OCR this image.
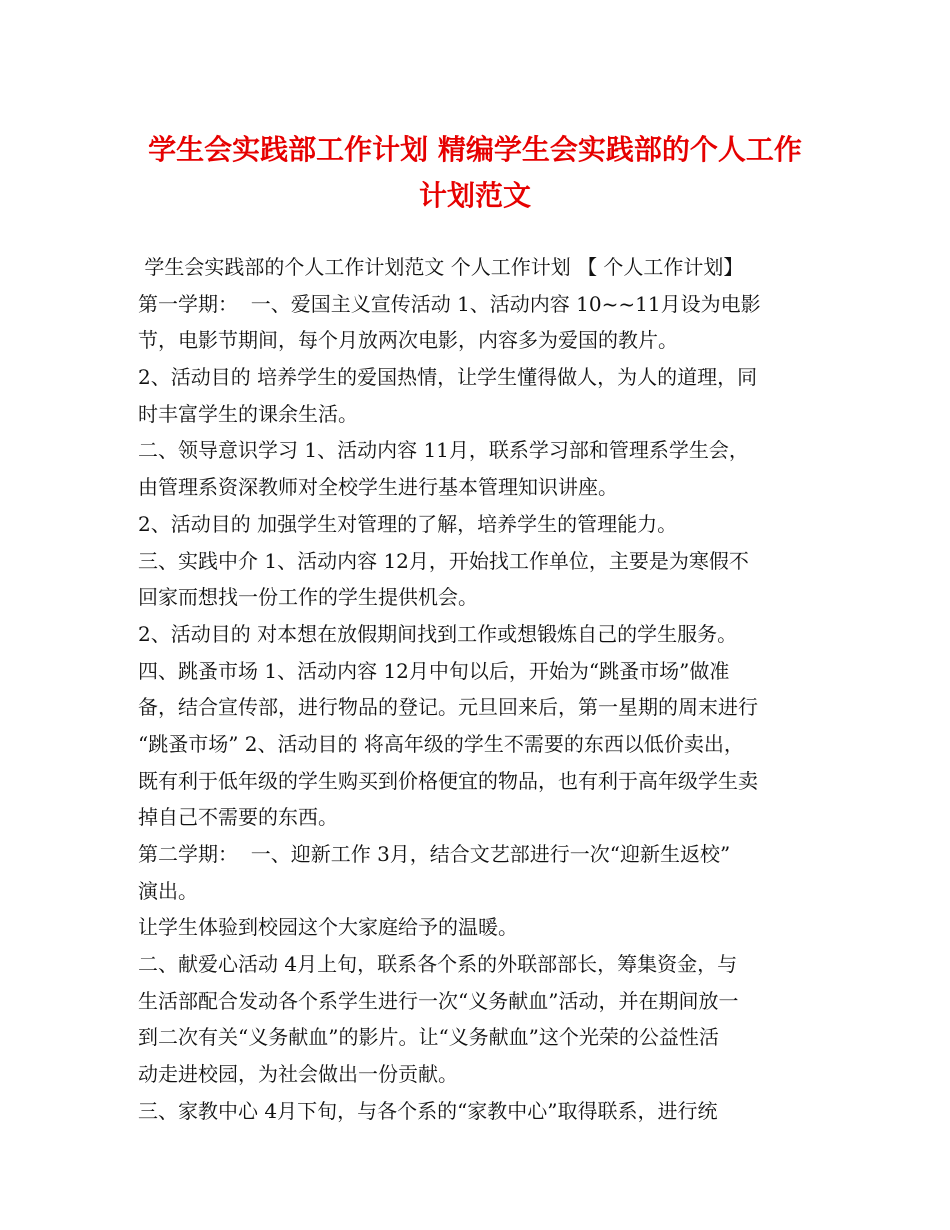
学生会实践部工作计划 精编学生会实践部的个人工作
计划范文
学生会实践部的个人工作计划范文 个人工作计划 【 个人工作计划】
第一学期：  一、爱国主义宣传活动 1、活动内容 10~~11月设为电影
节，电影节期间，每个月放两次电影，内容多为爱国的教片。
2、活动目的 培养学生的爱国热情，让学生懂得做人，为人的道理，同
时丰富学生的课余生活。
二、领导意识学习 1、活动内容 11月，联系学习部和管理系学生会，
由管理系资深教师对全校学生进行基本管理知识讲座。
2、活动目的 加强学生对管理的了解，培养学生的管理能力。
三、实践中介 1、活动内容 12月，开始找工作单位，主要是为寒假不
回家而想找一份工作的学生提供机会。
2、活动目的 对本想在放假期间找到工作或想锻炼自己的学生服务。
四、跳蚤市场 1、活动内容 12月中旬以后，开始为“跳蚤市场”做准
备，结合宣传部，进行物品的登记。元旦回来后，第一星期的周末进行
“跳蚤市场” 2、活动目的 将高年级的学生不需要的东西以低价卖出，
既有利于低年级的学生购买到价格便宜的物品，也有利于高年级学生卖
掉自己不需要的东西。
第二学期：  一、迎新工作 3月，结合文艺部进行一次“迎新生返校”
演出。
让学生体验到校园这个大家庭给予的温暖。
二、献爱心活动 4月上旬，联系各个系的外联部部长，筹集资金，与
生活部配合发动各个系学生进行一次“义务献血”活动，并在期间放一
到二次有关“义务献血”的影片。让“义务献血”这个光荣的公益性活
动走进校园，为社会做出一份贡献。
三、家教中心 4月下旬，与各个系的“家教中心”取得联系，进行统
